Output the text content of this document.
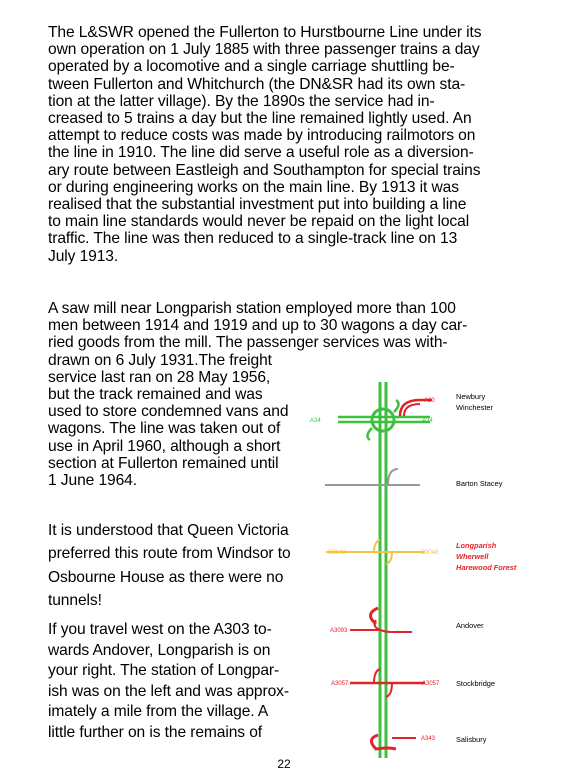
The L&SWR opened the Fullerton to Hurstbourne Line under its
own operation on 1 July 1885 with three passenger trains a day
operated by a locomotive and a single carriage shuttling be-
tween Fullerton and Whitchurch (the DN&SR had its own sta-
tion at the latter village). By the 1890s the service had in-
creased to 5 trains a day but the line remained lightly used. An
attempt to reduce costs was made by introducing railmotors on
the line in 1910. The line did serve a useful role as a diversion-
ary route between Eastleigh and Southampton for special trains
or during engineering works on the main line. By 1913 it was
realised that the substantial investment put into building a line
to main line standards would never be repaid on the light local
traffic. The line was then reduced to a single-track line on 13
July 1913.
A saw mill near Longparish station employed more than 100
men between 1914 and 1919 and up to 30 wagons a day car-
ried goods from the mill. The passenger services was with-
drawn on 6 July 1931.The freight
service last ran on 28 May 1956,
but the track remained and was
used to store condemned vans and
wagons. The line was taken out of
use in April 1960, although a short
section at Fullerton remained until
1 June 1964.
It is understood that Queen Victoria
preferred this route from Windsor to
Osbourne House as there were no
tunnels!
If you travel west on the A303 to-
wards Andover, Longparish is on
your right. The station of Longpar-
ish was on the left and was approx-
imately a mile from the village. A
little further on is the remains of
A30
A34	A34
B3048	B3048
A3093
A3057	A3057
A343
Newbury
Winchester
Barton Stacey
Longparish
Wherwell
Harewood Forest
Andover
Stockbridge
Salisbury
22
